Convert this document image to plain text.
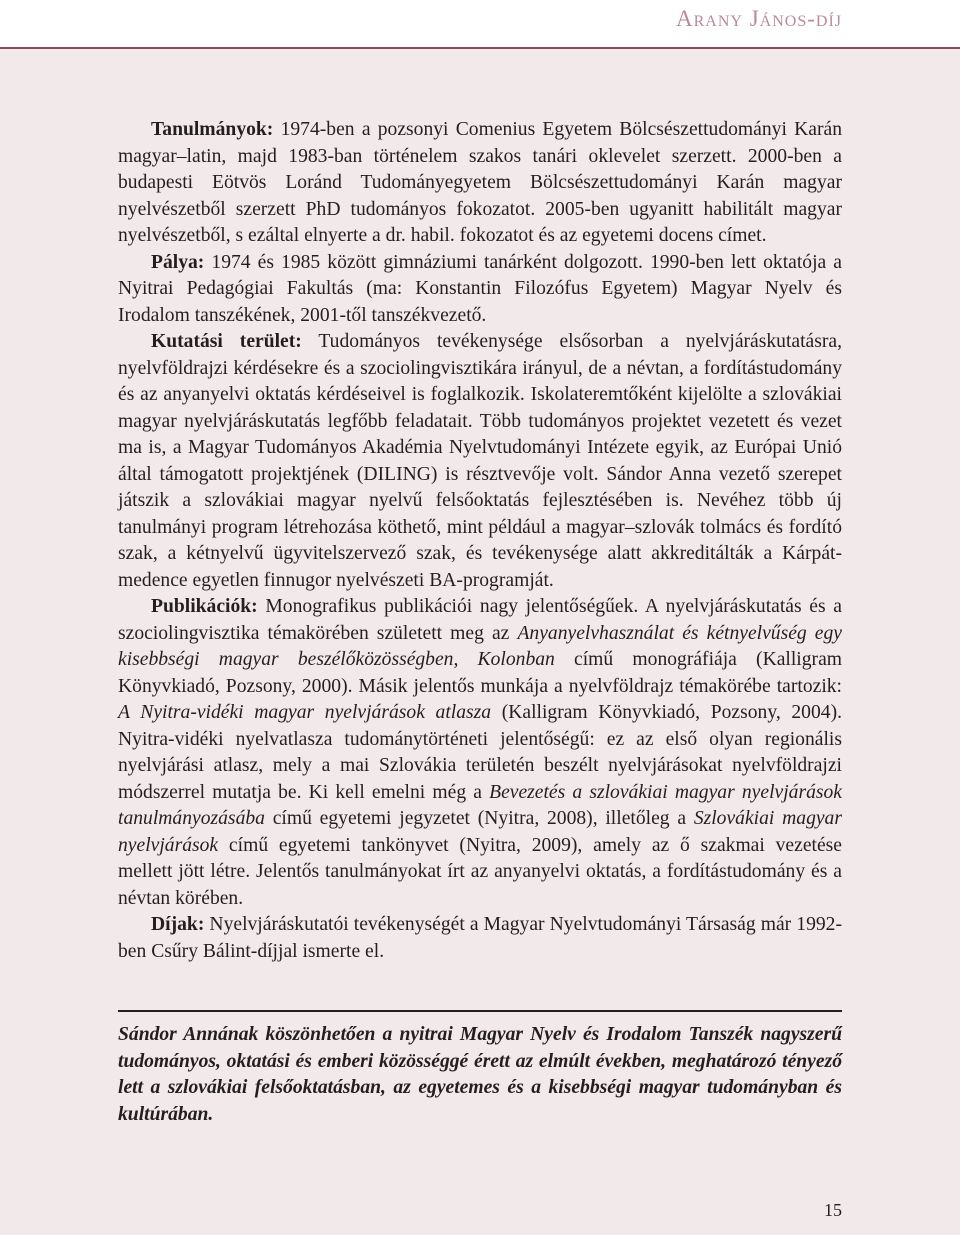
Arany János-díj

Tanulmányok: 1974-ben a pozsonyi Comenius Egyetem Bölcsészettudományi Karán magyar–latin, majd 1983-ban történelem szakos tanári oklevelet szerzett. 2000-ben a budapesti Eötvös Loránd Tudományegyetem Bölcsészettudományi Karán magyar nyelvészetből szerzett PhD tudományos fokozatot. 2005-ben ugyanitt habilitált magyar nyelvészetből, s ezáltal elnyerte a dr. habil. fokozatot és az egyetemi docens címet.

Pálya: 1974 és 1985 között gimnáziumi tanárként dolgozott. 1990-ben lett oktatója a Nyitrai Pedagógiai Fakultás (ma: Konstantin Filozófus Egyetem) Magyar Nyelv és Irodalom tanszékének, 2001-től tanszékvezető.

Kutatási terület: Tudományos tevékenysége elsősorban a nyelvjáráskutatásra, nyelvföldrajzi kérdésekre és a szociolingvisztikára irányul, de a névtan, a fordítástudomány és az anyanyelvi oktatás kérdéseivel is foglalkozik. Iskolateremtőként kijelölte a szlovákiai magyar nyelvjáráskutatás legfőbb feladatait. Több tudományos projektet vezetett és vezet ma is, a Magyar Tudományos Akadémia Nyelvtudományi Intézete egyik, az Európai Unió által támogatott projektjének (DILING) is résztvevője volt. Sándor Anna vezető szerepet játszik a szlovákiai magyar nyelvű felsőoktatás fejlesztésében is. Nevéhez több új tanulmányi program létrehozása köthető, mint például a magyar–szlovák tolmács és fordító szak, a kétnyelvű ügyvitelszervező szak, és tevékenysége alatt akkreditálták a Kárpát-medence egyetlen finnugor nyelvészeti BA-programját.

Publikációk: Monografikus publikációi nagy jelentőségűek. A nyelvjáráskutatás és a szociolingvisztika témakörében született meg az Anyanyelvhasználat és kétnyelvűség egy kisebbségi magyar beszélőközösségben, Kolonban című monográfiája (Kalligram Könyvkiadó, Pozsony, 2000). Másik jelentős munkája a nyelvföldrajz témakörébe tartozik: A Nyitra-vidéki magyar nyelvjárások atlasza (Kalligram Könyvkiadó, Pozsony, 2004). Nyitra-vidéki nyelvatlasza tudománytörténeti jelentőségű: ez az első olyan regionális nyelvjárási atlasz, mely a mai Szlovákia területén beszélt nyelvjárásokat nyelvföldrajzi módszerrel mutatja be. Ki kell emelni még a Bevezetés a szlovákiai magyar nyelvjárások tanulmányozásába című egyetemi jegyzetet (Nyitra, 2008), illetőleg a Szlovákiai magyar nyelvjárások című egyetemi tankönyvet (Nyitra, 2009), amely az ő szakmai vezetése mellett jött létre. Jelentős tanulmányokat írt az anyanyelvi oktatás, a fordítástudomány és a névtan körében.

Díjak: Nyelvjáráskutatói tevékenységét a Magyar Nyelvtudományi Társaság már 1992-ben Csűry Bálint-díjjal ismerte el.

Sándor Annának köszönhetően a nyitrai Magyar Nyelv és Irodalom Tanszék nagyszerű tudományos, oktatási és emberi közösséggé érett az elmúlt években, meghatározó tényező lett a szlovákiai felsőoktatásban, az egyetemes és a kisebbségi magyar tudományban és kultúrában.
15
